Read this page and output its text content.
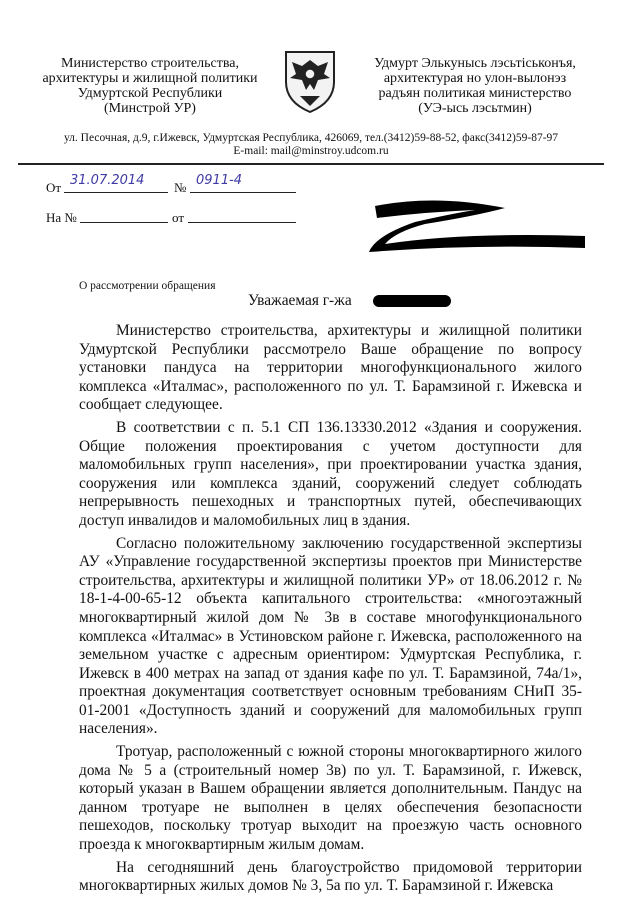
Министерство строительства,
архитектуры и жилищной политики
Удмуртской Республики
(Минстрой УР)
Удмурт Элькунысь лэсьтiськонъя,
архитектурая но улон-вылонэз
радъян политикая министерство
(УЭ-ысь лэсьтмин)
ул. Песочная, д.9, г.Ижевск, Удмуртская Республика, 426069, тел.(3412)59-88-52, факс(3412)59-87-97
E-mail: mail@minstroy.udcom.ru
От 31.07.2014 № 0911-4
На №	от
О рассмотрении обращения
Уважаемая г-жа

Министерство строительства, архитектуры и жилищной политики Удмуртской Республики рассмотрело Ваше обращение по вопросу установки пандуса на территории многофункционального жилого комплекса «Италмас», расположенного по ул. Т. Барамзиной г. Ижевска и сообщает следующее.

В соответствии с п. 5.1 СП 136.13330.2012 «Здания и сооружения. Общие положения проектирования с учетом доступности для маломобильных групп населения», при проектировании участка здания, сооружения или комплекса зданий, сооружений следует соблюдать непрерывность пешеходных и транспортных путей, обеспечивающих доступ инвалидов и маломобильных лиц в здания.

Согласно положительному заключению государственной экспертизы АУ «Управление государственной экспертизы проектов при Министерстве строительства, архитектуры и жилищной политики УР» от 18.06.2012 г. № 18-1-4-00-65-12 объекта капитального строительства: «многоэтажный многоквартирный жилой дом № 3в в составе многофункционального комплекса «Италмас» в Устиновском районе г. Ижевска, расположенного на земельном участке с адресным ориентиром: Удмуртская Республика, г. Ижевск в 400 метрах на запад от здания кафе по ул. Т. Барамзиной, 74а/1», проектная документация соответствует основным требованиям СНиП 35-01-2001 «Доступность зданий и сооружений для маломобильных групп населения».

Тротуар, расположенный с южной стороны многоквартирного жилого дома № 5 а (строительный номер 3в) по ул. Т. Барамзиной, г. Ижевск, который указан в Вашем обращении является дополнительным. Пандус на данном тротуаре не выполнен в целях обеспечения безопасности пешеходов, поскольку тротуар выходит на проезжую часть основного проезда к многоквартирным жилым домам.

На сегодняшний день благоустройство придомовой территории многоквартирных жилых домов № 3, 5а по ул. Т. Барамзиной г. Ижевска
